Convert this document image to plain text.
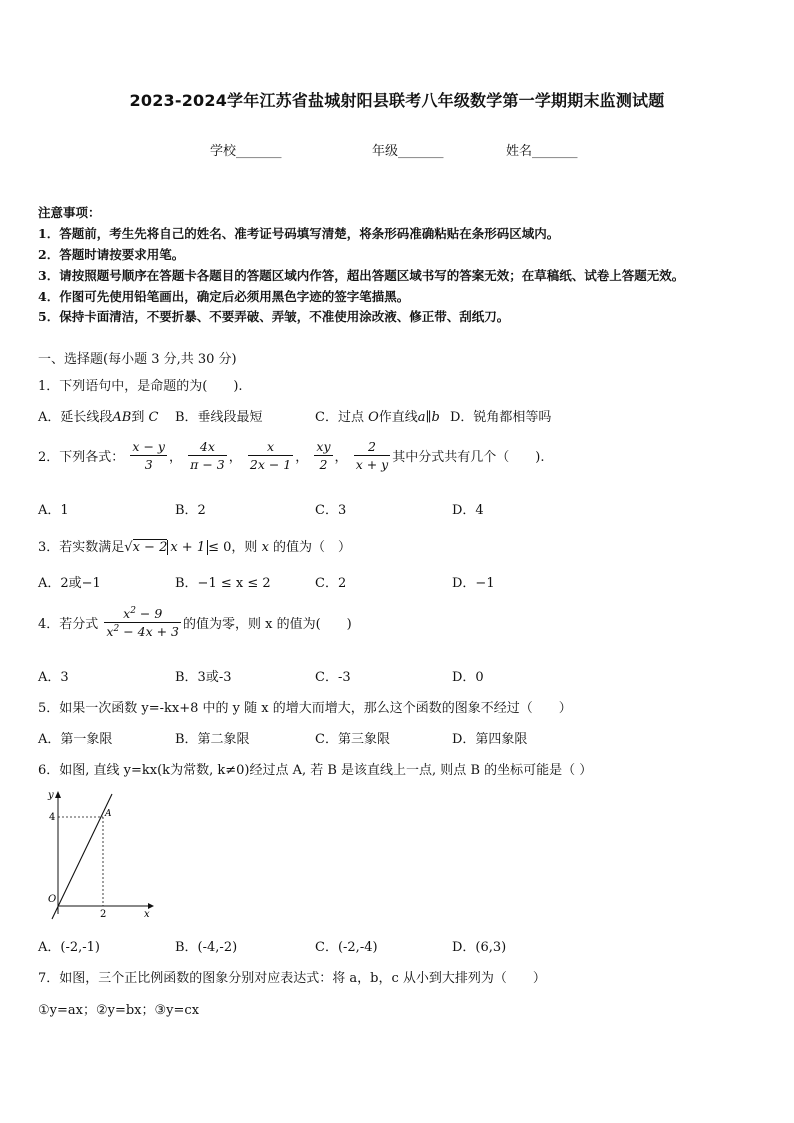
2023-2024学年江苏省盐城射阳县联考八年级数学第一学期期末监测试题
学校_______	年级_______	姓名_______
注意事项：
1．答题前，考生先将自己的姓名、准考证号码填写清楚，将条形码准确粘贴在条形码区域内。
2．答题时请按要求用笔。
3．请按照题号顺序在答题卡各题目的答题区域内作答，超出答题区域书写的答案无效；在草稿纸、试卷上答题无效。
4．作图可先使用铅笔画出，确定后必须用黑色字迹的签字笔描黑。
5．保持卡面清洁，不要折暴、不要弄破、弄皱，不准使用涂改液、修正带、刮纸刀。
一、选择题(每小题 3 分,共 30 分)
1．下列语句中，是命题的为(　　).
A．延长线段AB到 C B．垂线段最短	C．过点 O作直线a∥b D．锐角都相等吗
2．下列各式： $\frac{x - y}{3}$ ， $\frac{4x}{\pi - 3}$ ， $\frac{x}{2x - 1}$ ， $\frac{xy}{2}$ ， $\frac{2}{x + y}$ 其中分式共有几个（　　).
A．1	B．2	C．3	D．4
3．若实数满足√x − 2 x + 1 ≤ 0，则 x 的值为（　）
A．2或−1	B．−1 ≤ x ≤ 2	C．2	D．−1
4．若分式 $\frac{x^2 - 9}{x^2 - 4x + 3}$ 的值为零，则 x 的值为(　　)
A．3	B．3或-3	C．-3	D．0
5．如果一次函数 y=-kx+8 中的 y 随 x 的增大而增大，那么这个函数的图象不经过（　　）
A．第一象限	B．第二象限	C．第三象限	D．第四象限
6．如图, 直线 y=kx(k为常数, k≠0)经过点 A, 若 B 是该直线上一点, 则点 B 的坐标可能是（ ）
y
x
O
4
2
A
A．(-2,-1)	B．(-4,-2)	C．(-2,-4)	D．(6,3)
7．如图，三个正比例函数的图象分别对应表达式：将 a，b，c 从小到大排列为（　　）
①y=ax；②y=bx；③y=cx
